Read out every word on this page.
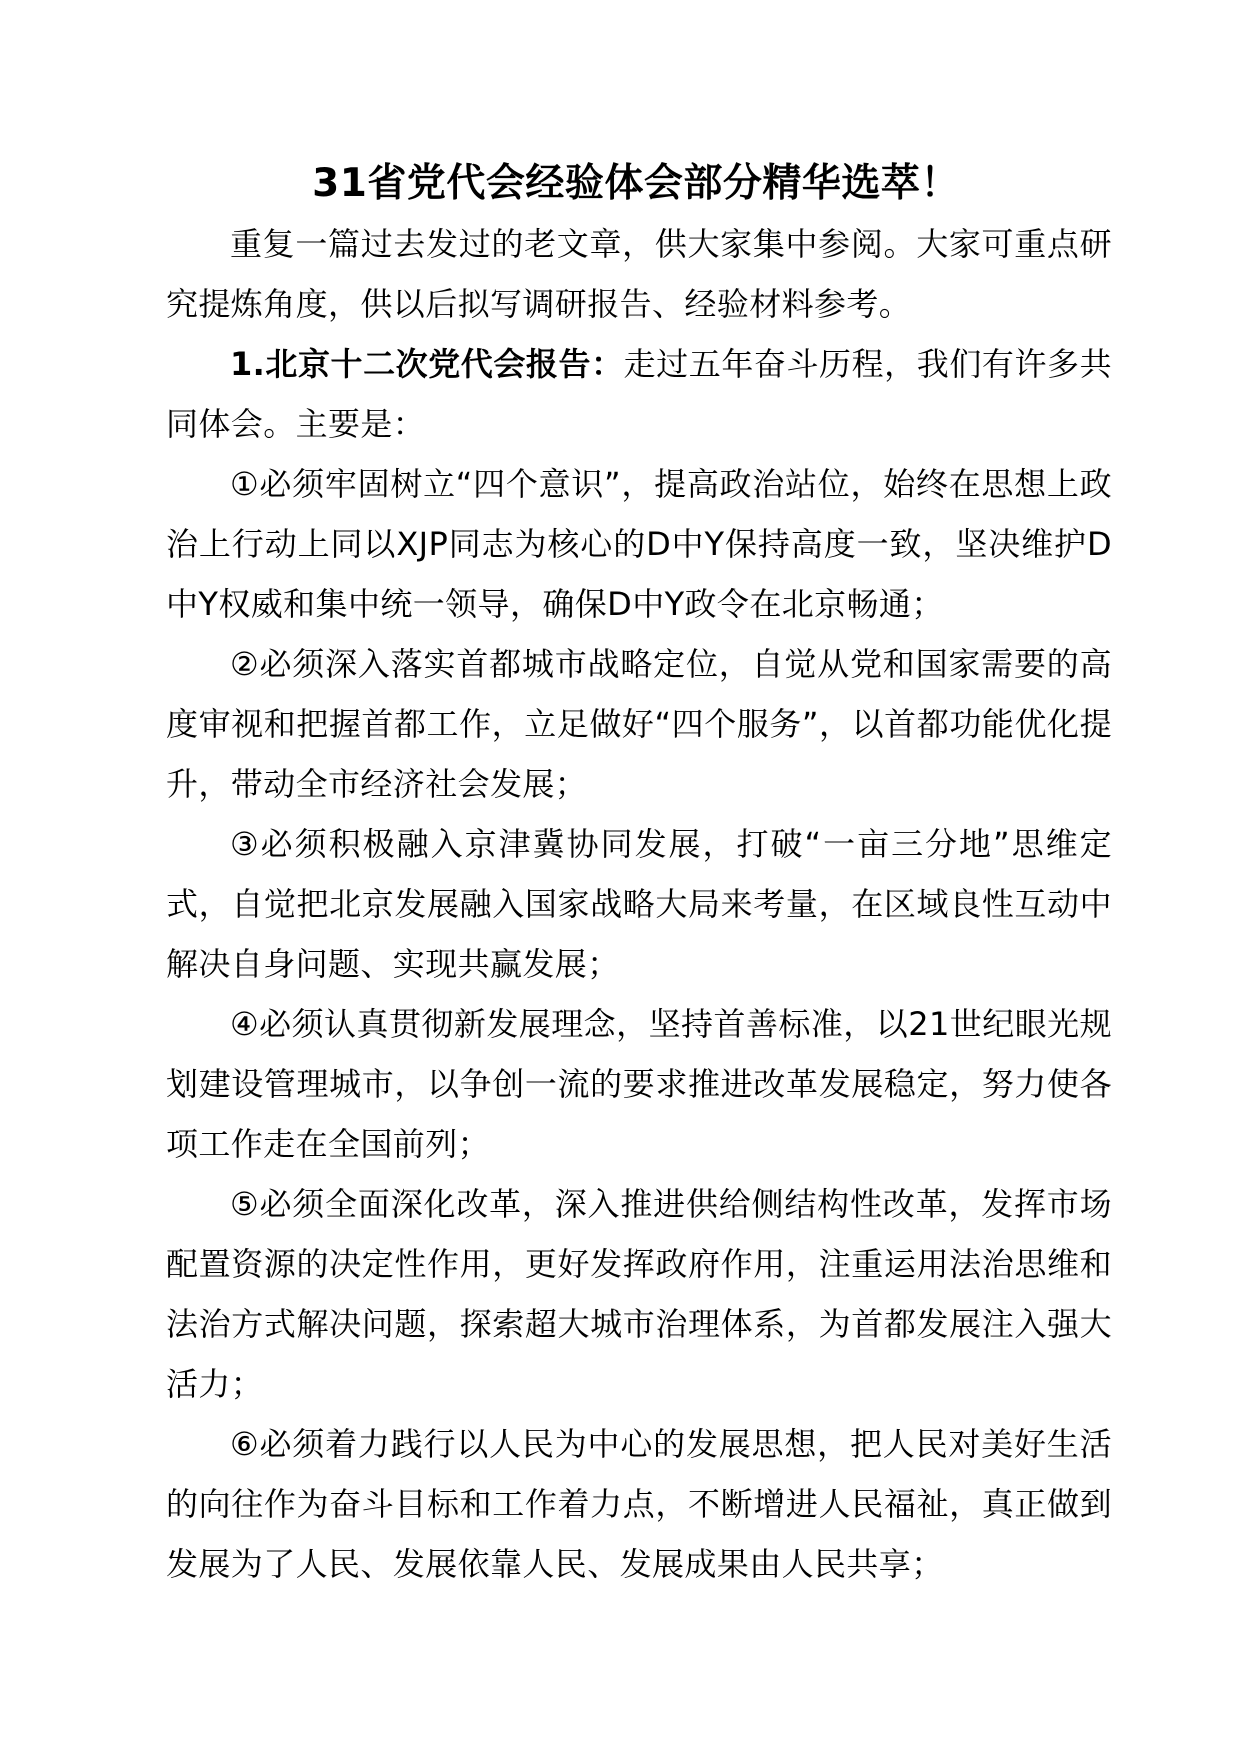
31省党代会经验体会部分精华选萃！

重复一篇过去发过的老文章，供大家集中参阅。大家可重点研究提炼角度，供以后拟写调研报告、经验材料参考。

1.北京十二次党代会报告：走过五年奋斗历程，我们有许多共同体会。主要是：

①必须牢固树立“四个意识”，提高政治站位，始终在思想上政治上行动上同以XJP同志为核心的D中Y保持高度一致，坚决维护D中Y权威和集中统一领导，确保D中Y政令在北京畅通；

②必须深入落实首都城市战略定位，自觉从党和国家需要的高度审视和把握首都工作，立足做好“四个服务”，以首都功能优化提升，带动全市经济社会发展；

③必须积极融入京津冀协同发展，打破“一亩三分地”思维定式，自觉把北京发展融入国家战略大局来考量，在区域良性互动中解决自身问题、实现共赢发展；

④必须认真贯彻新发展理念，坚持首善标准，以21世纪眼光规划建设管理城市，以争创一流的要求推进改革发展稳定，努力使各项工作走在全国前列；

⑤必须全面深化改革，深入推进供给侧结构性改革，发挥市场配置资源的决定性作用，更好发挥政府作用，注重运用法治思维和法治方式解决问题，探索超大城市治理体系，为首都发展注入强大活力；

⑥必须着力践行以人民为中心的发展思想，把人民对美好生活的向往作为奋斗目标和工作着力点，不断增进人民福祉，真正做到发展为了人民、发展依靠人民、发展成果由人民共享；
